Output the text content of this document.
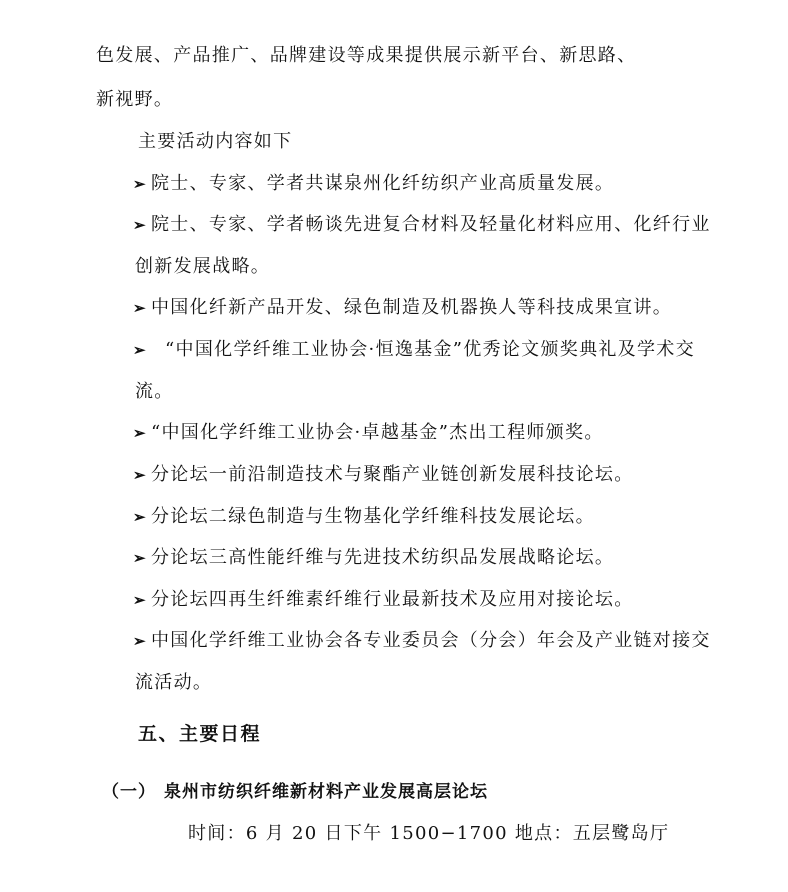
色发展、产品推广、品牌建设等成果提供展示新平台、新思路、
新视野。
主要活动内容如下
➢ 院士、专家、学者共谋泉州化纤纺织产业高质量发展。
➢ 院士、专家、学者畅谈先进复合材料及轻量化材料应用、化纤行业
创新发展战略。
➢ 中国化纤新产品开发、绿色制造及机器换人等科技成果宣讲。
➢  “中国化学纤维工业协会·恒逸基金”优秀论文颁奖典礼及学术交
流。
➢ “中国化学纤维工业协会·卓越基金”杰出工程师颁奖。
➢ 分论坛一前沿制造技术与聚酯产业链创新发展科技论坛。
➢ 分论坛二绿色制造与生物基化学纤维科技发展论坛。
➢ 分论坛三高性能纤维与先进技术纺织品发展战略论坛。
➢ 分论坛四再生纤维素纤维行业最新技术及应用对接论坛。
➢ 中国化学纤维工业协会各专业委员会（分会）年会及产业链对接交
流活动。
五、主要日程
（一） 泉州市纺织纤维新材料产业发展高层论坛
时间：6 月 20 日下午 1500−1700 地点：五层鹭岛厅
